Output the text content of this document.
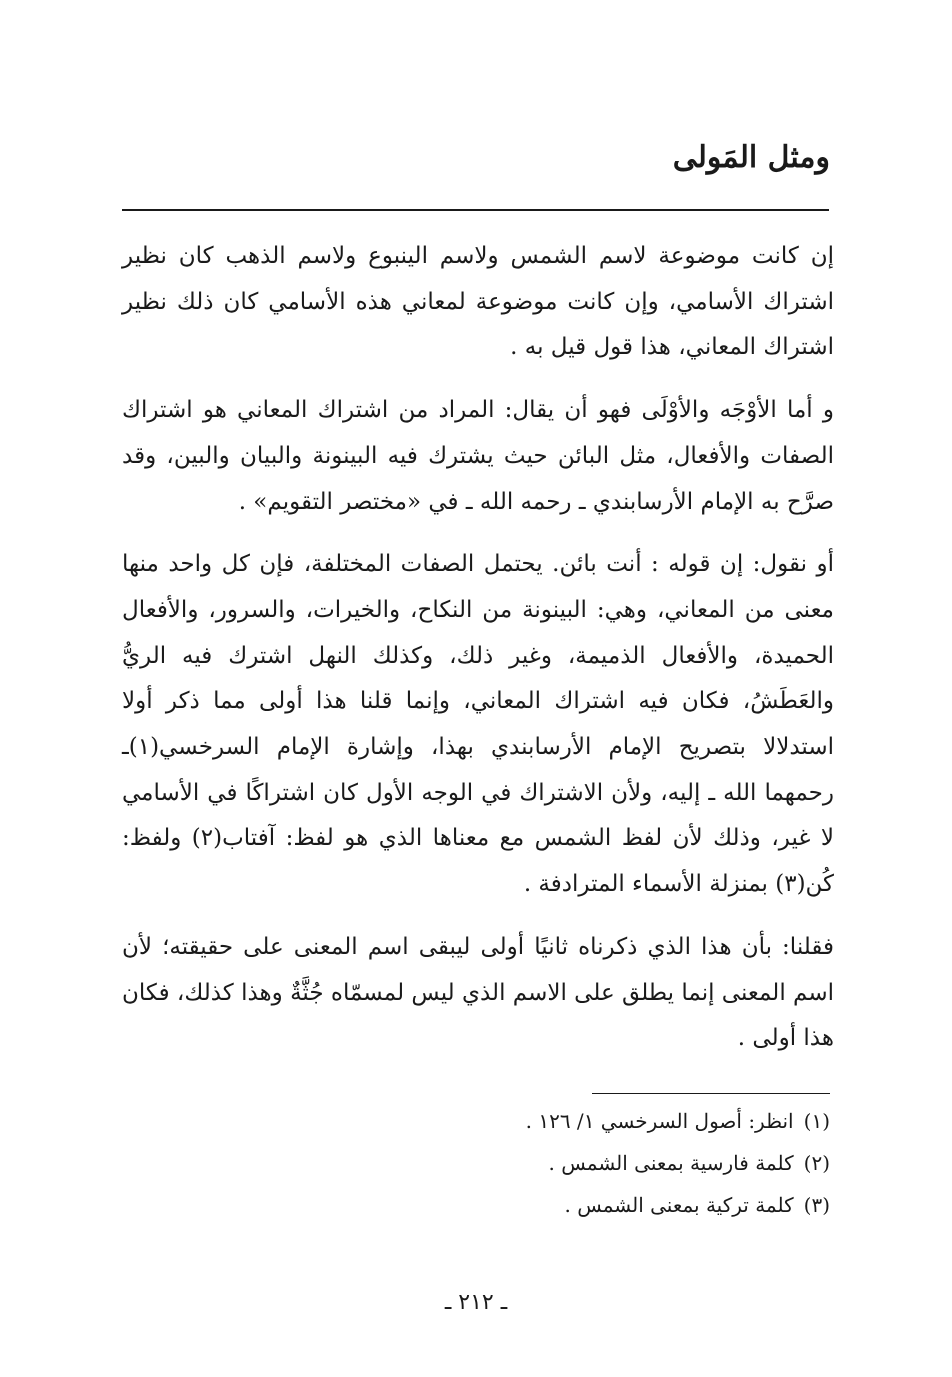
ومثل المَولى

إن كانت موضوعة لاسم الشمس ولاسم الينبوع ولاسم الذهب كان نظير اشتراك الأسامي، وإن كانت موضوعة لمعاني هذه الأسامي كان ذلك نظير اشتراك المعاني، هذا قول قيل به .

و أما الأوْجَه والأوْلَى فهو أن يقال: المراد من اشتراك المعاني هو اشتراك الصفات والأفعال، مثل البائن حيث يشترك فيه البينونة والبيان والبين، وقد صرَّح به الإمام الأرسابندي ـ رحمه الله ـ في «مختصر التقويم» .

أو نقول: إن قوله : أنت بائن. يحتمل الصفات المختلفة، فإن كل واحد منها معنى من المعاني، وهي: البينونة من النكاح، والخيرات، والسرور، والأفعال الحميدة، والأفعال الذميمة، وغير ذلك، وكذلك النهل اشترك فيه الريُّ والعَطَشُ، فكان فيه اشتراك المعاني، وإنما قلنا هذا أولى مما ذكر أولا استدلالا بتصريح الإمام الأرسابندي بهذا، وإشارة الإمام السرخسي(١)ـ رحمهما الله ـ إليه، ولأن الاشتراك في الوجه الأول كان اشتراكًا في الأسامي لا غير، وذلك لأن لفظ الشمس مع معناها الذي هو لفظ: آفتاب(٢) ولفظ: كُن(٣) بمنزلة الأسماء المترادفة .

فقلنا: بأن هذا الذي ذكرناه ثانيًا أولى ليبقى اسم المعنى على حقيقته؛ لأن اسم المعنى إنما يطلق على الاسم الذي ليس لمسمّاه جُثَّةٌ وهذا كذلك، فكان هذا أولى .

(١)انظر: أصول السرخسي ١/ ١٢٦ .
(٢)كلمة فارسية بمعنى الشمس .
(٣)كلمة تركية بمعنى الشمس .
ـ ٢١٢ ـ
